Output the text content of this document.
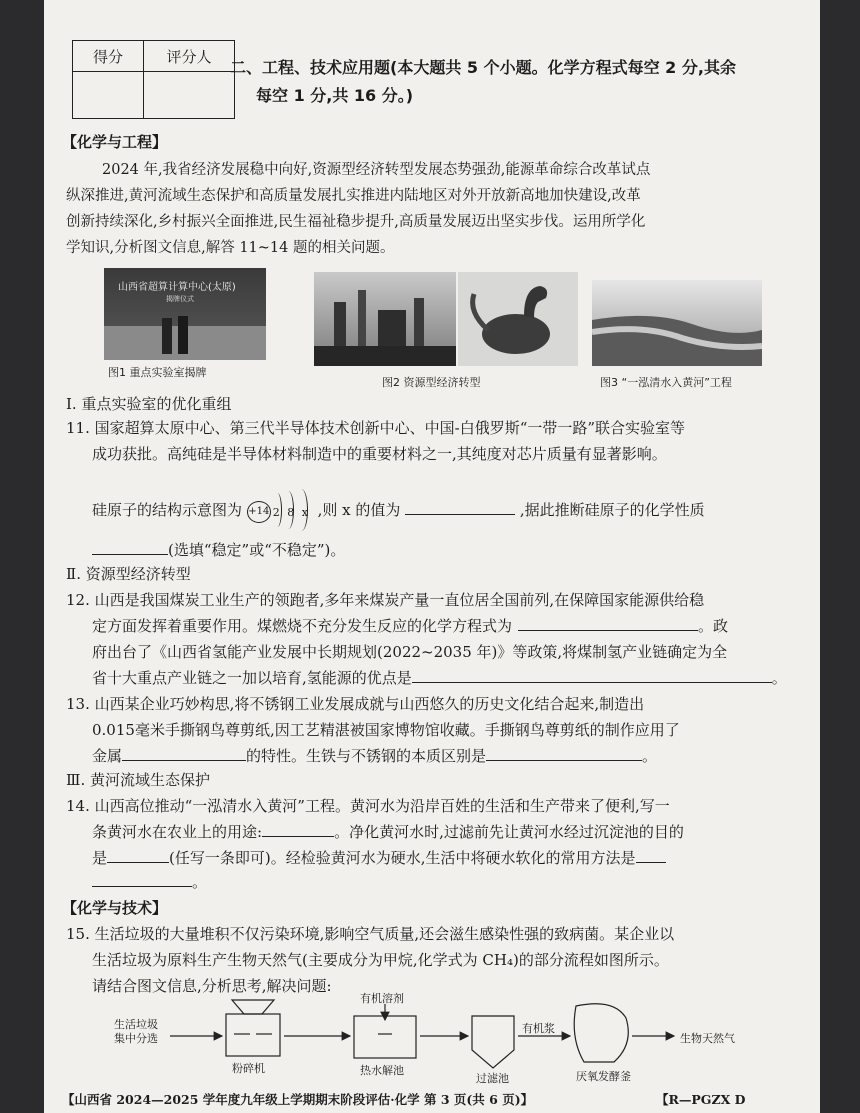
得分	评分人

二、工程、技术应用题(本大题共 5 个小题。化学方程式每空 2 分,其余
每空 1 分,共 16 分。)
【化学与工程】
2024 年,我省经济发展稳中向好,资源型经济转型发展态势强劲,能源革命综合改革试点
纵深推进,黄河流域生态保护和高质量发展扎实推进内陆地区对外开放新高地加快建设,改革
创新持续深化,乡村振兴全面推进,民生福祉稳步提升,高质量发展迈出坚实步伐。运用所学化
学知识,分析图文信息,解答 11~14 题的相关问题。
山西省超算计算中心(太原)
揭牌仪式
图1 重点实验室揭牌
图2 资源型经济转型	图3 “一泓清水入黄河”工程
Ⅰ. 重点实验室的优化重组
11. 国家超算太原中心、第三代半导体技术创新中心、中国-白俄罗斯“一带一路”联合实验室等
成功获批。高纯硅是半导体材料制造中的重要材料之一,其纯度对芯片质量有显著影响。
硅原子的结构示意图为 +14 2 8 x ,则 x 的值为	,据此推断硅原子的化学性质
(选填“稳定”或“不稳定”)。
Ⅱ. 资源型经济转型
12. 山西是我国煤炭工业生产的领跑者,多年来煤炭产量一直位居全国前列,在保障国家能源供给稳
定方面发挥着重要作用。煤燃烧不充分发生反应的化学方程式为	。政
府出台了《山西省氢能产业发展中长期规划(2022~2035 年)》等政策,将煤制氢产业链确定为全
省十大重点产业链之一加以培育,氢能源的优点是	。
13. 山西某企业巧妙构思,将不锈钢工业发展成就与山西悠久的历史文化结合起来,制造出
0.015毫米手撕钢鸟尊剪纸,因工艺精湛被国家博物馆收藏。手撕钢鸟尊剪纸的制作应用了
金属	的特性。生铁与不锈钢的本质区别是	。
Ⅲ. 黄河流域生态保护
14. 山西高位推动“一泓清水入黄河”工程。黄河水为沿岸百姓的生活和生产带来了便利,写一
条黄河水在农业上的用途:	。净化黄河水时,过滤前先让黄河水经过沉淀池的目的
是	(任写一条即可)。经检验黄河水为硬水,生活中将硬水软化的常用方法是
。
【化学与技术】
15. 生活垃圾的大量堆积不仅污染环境,影响空气质量,还会滋生感染性强的致病菌。某企业以
生活垃圾为原料生产生物天然气(主要成分为甲烷,化学式为 CH₄)的部分流程如图所示。
请结合图文信息,分析思考,解决问题:
生活垃圾
集中分选
粉碎机
有机溶剂
热水解池
过滤池
有机浆
厌氧发酵釜
生物天然气
【山西省 2024—2025 学年度九年级上学期期末阶段评估·化学 第 3 页(共 6 页)】	【R—PGZX D
